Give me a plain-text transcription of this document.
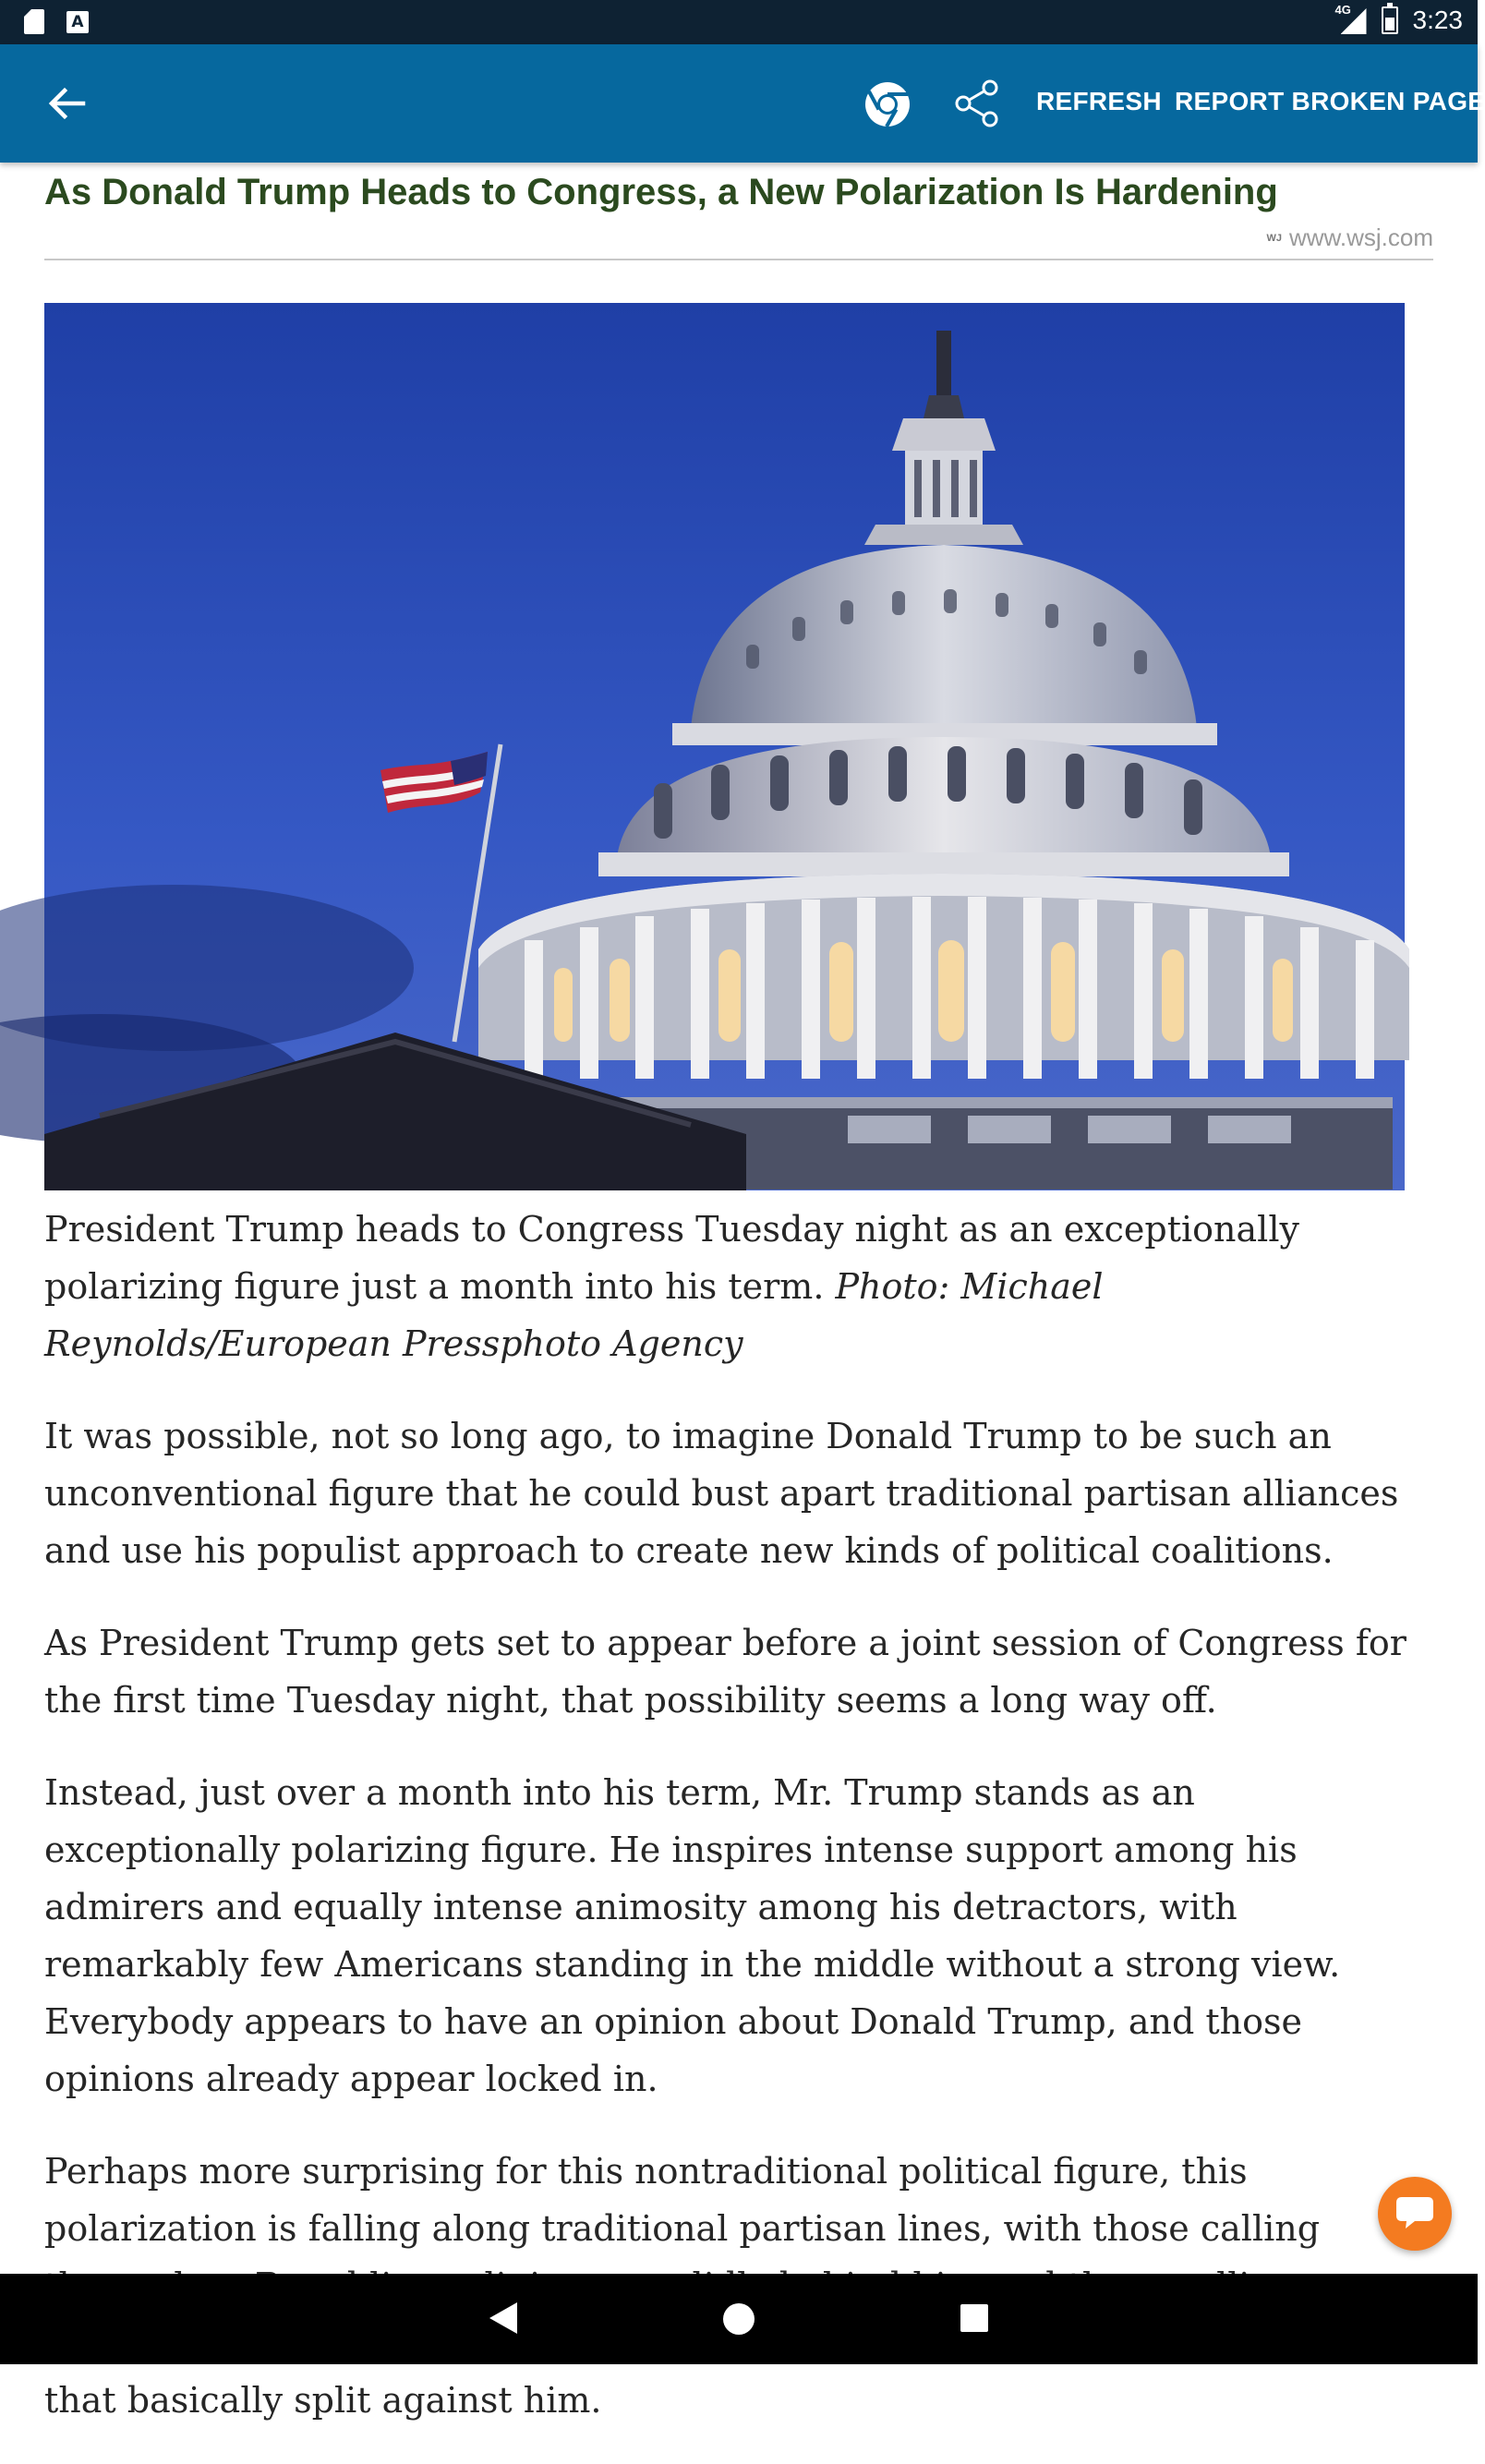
A
4G 3:23
REFRESH REPORT BROKEN PAGE
As Donald Trump Heads to Congress, a New Polarization Is Hardening
WJ www.wsj.com

President Trump heads to Congress Tuesday night as an exceptionally polarizing figure just a month into his term. Photo: Michael Reynolds/European Pressphoto Agency

It was possible, not so long ago, to imagine Donald Trump to be such an unconventional figure that he could bust apart traditional partisan alliances and use his populist approach to create new kinds of political coalitions.

As President Trump gets set to appear before a joint session of Congress for the first time Tuesday night, that possibility seems a long way off.

Instead, just over a month into his term, Mr. Trump stands as an exceptionally polarizing figure. He inspires intense support among his admirers and equally intense animosity among his detractors, with remarkably few Americans standing in the middle without a strong view. Everybody appears to have an opinion about Donald Trump, and those opinions already appear locked in.

Perhaps more surprising for this nontraditional political figure, this polarization is falling along traditional partisan lines, with those calling that basically split against him.
